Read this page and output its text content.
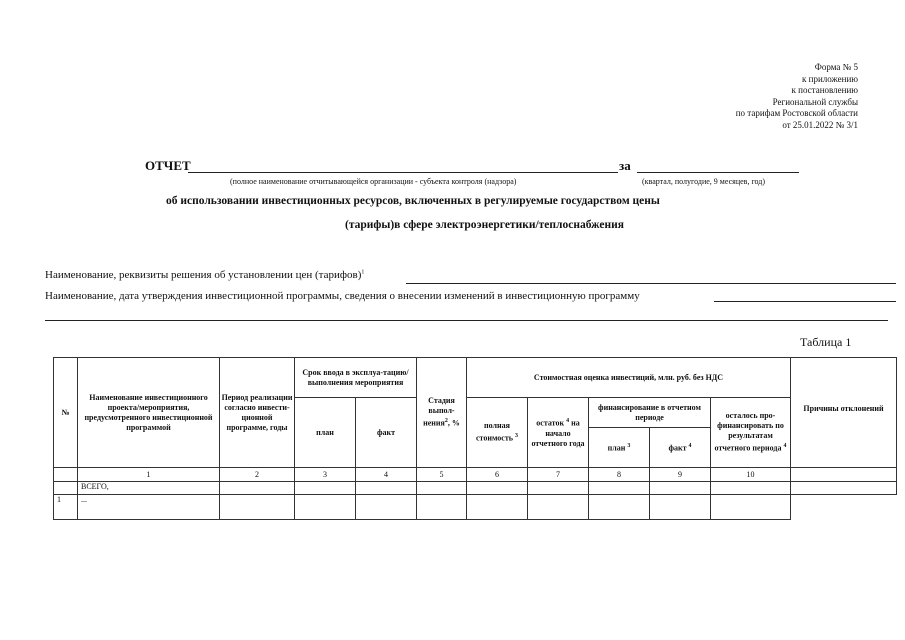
Форма № 5
к приложению
к постановлению
Региональной службы
по тарифам Ростовской области
от 25.01.2022 № 3/1
ОТЧЕТ	за
(полное наименование отчитывающейся организации - субъекта контроля (надзора)	(квартал, полугодие, 9 месяцев, год)
об использовании инвестиционных ресурсов, включенных в регулируемые государством цены
(тарифы)в сфере электроэнергетики/теплоснабжения
Наименование, реквизиты решения об установлении цен (тарифов)$^1$
Наименование, дата утверждения инвестиционной программы, сведения о внесении изменений в инвестиционную программу
Таблица 1
№	Наименование инвестиционного проекта/мероприятия, предусмотренного инвестиционной программой	Период реализации согласно инвести-ционной программе, годы	Срок ввода в эксплуа-тацию/выполнения мероприятия		Стадия выпол-нения$^2$, %	Стоимостная оценка инвестиций, млн. руб. без НДС					Причины отклонений
			план	факт		полная стоимость $^3$	остаток $^4$ на начало отчетного года	финансирование в отчетном периоде		осталось про-финансировать по результатам отчетного периода $^4$
								план $^3$	факт $^4$
	1	2	3	4	5	6	7	8	9	10	
	ВСЕГО,										
1	...										
